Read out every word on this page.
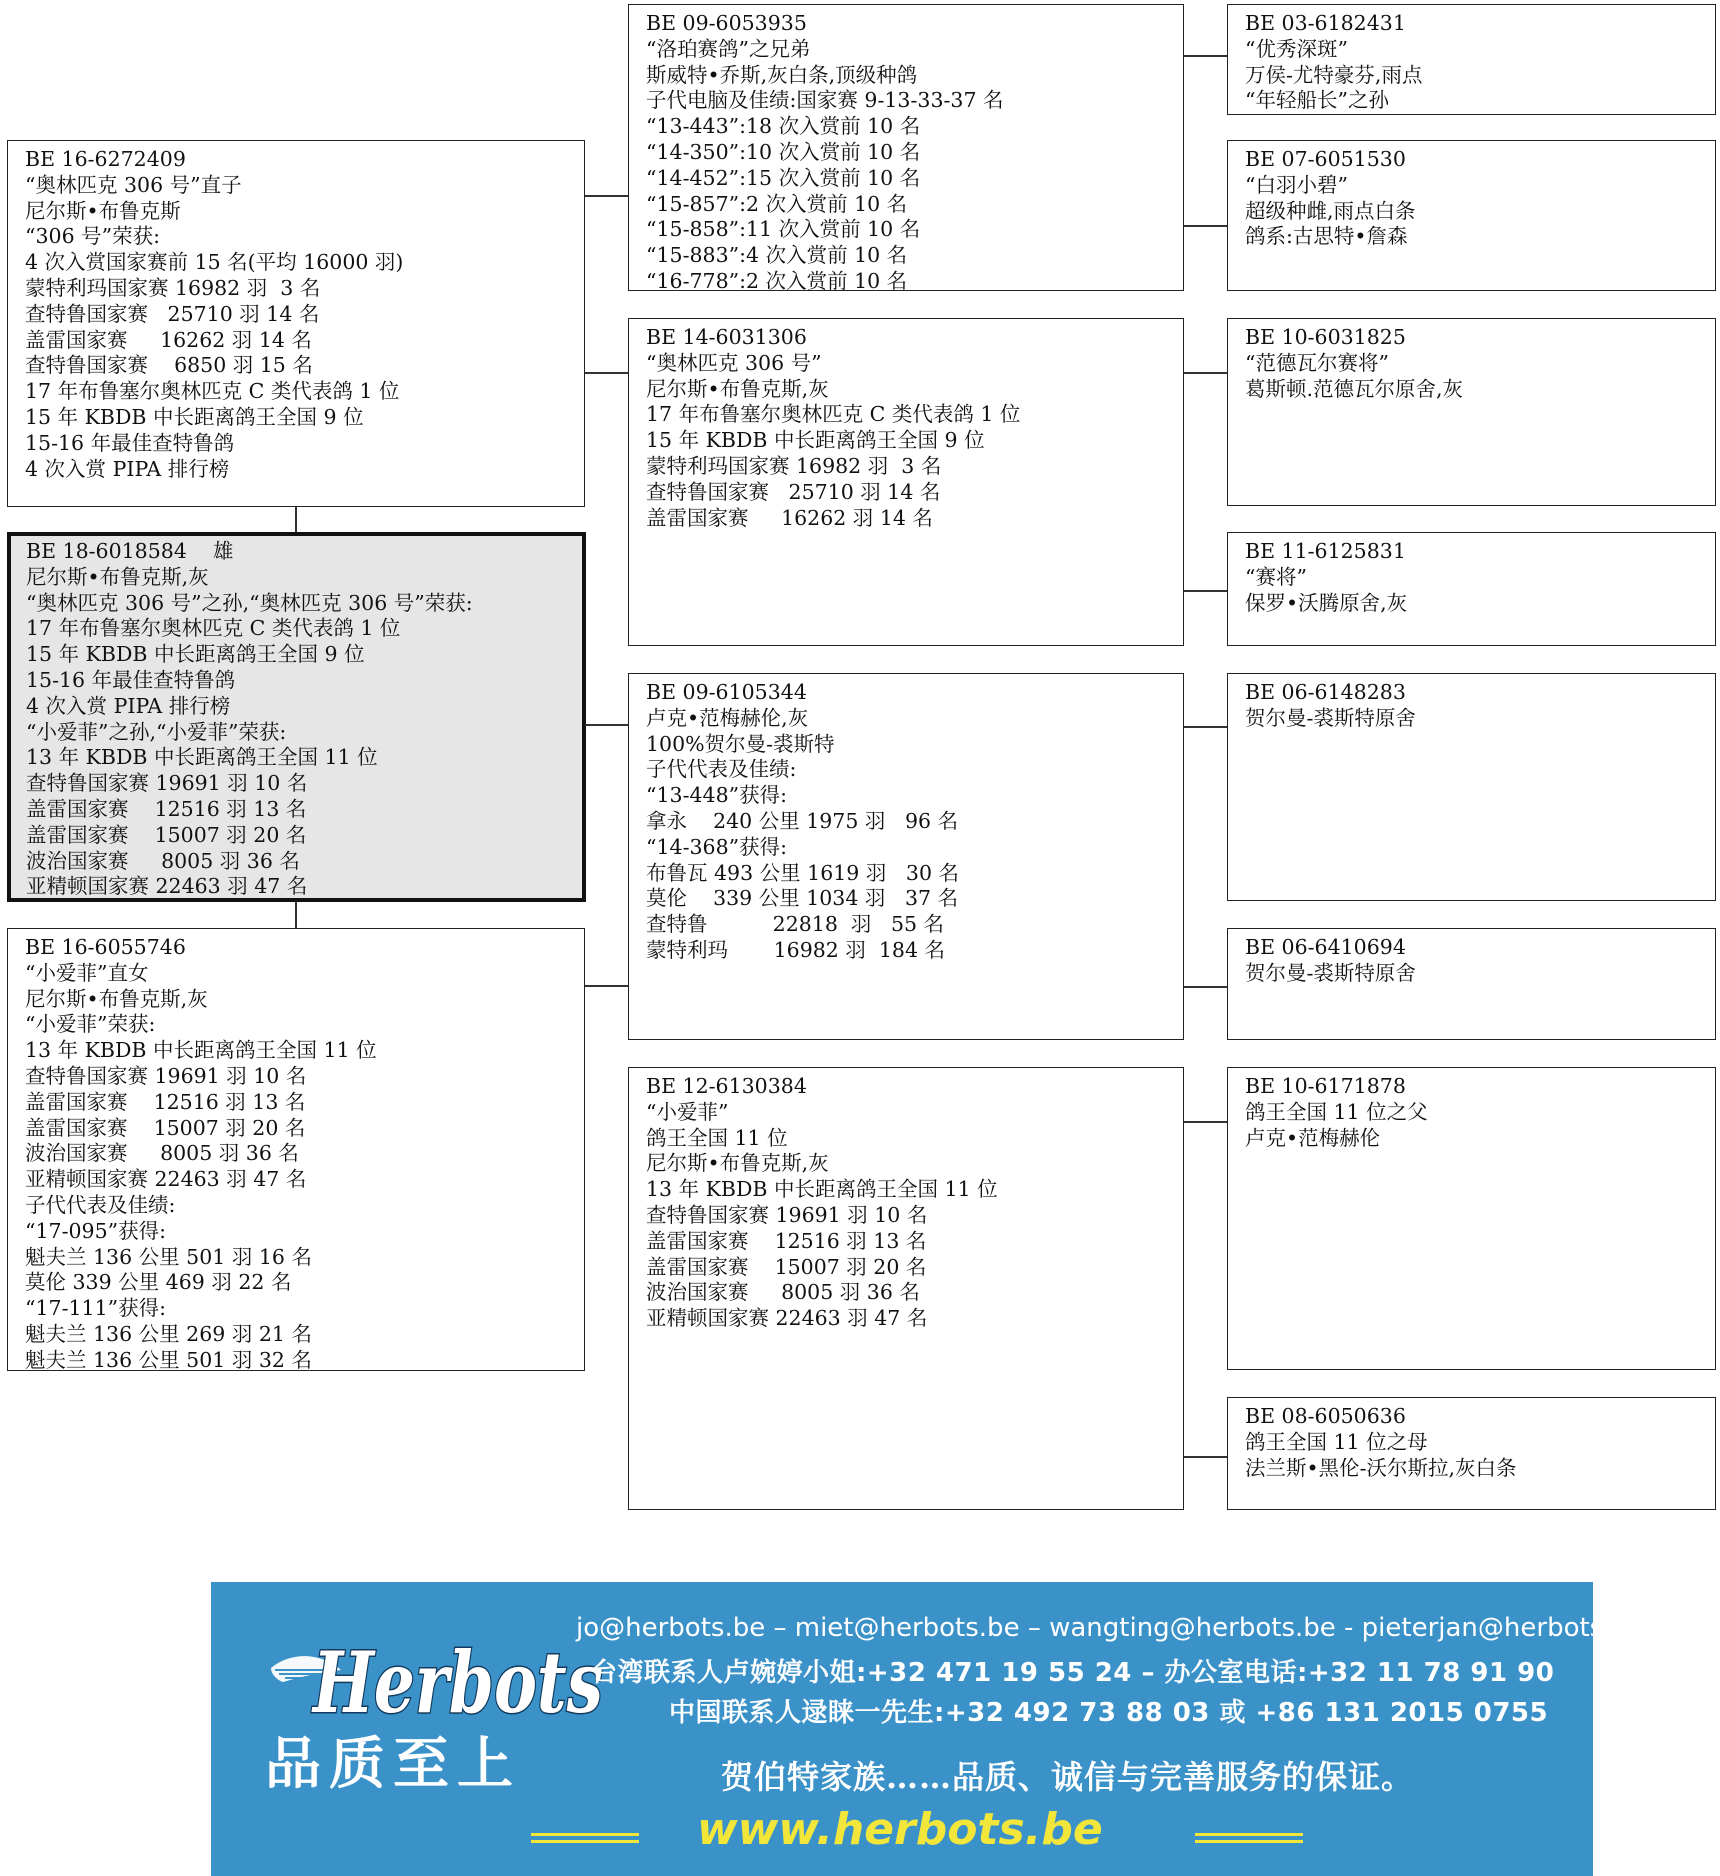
BE 16-6272409
“奥林匹克 306 号”直子
尼尔斯•布鲁克斯
“306 号”荣获:
4 次入赏国家赛前 15 名(平均 16000 羽)
蒙特利玛国家赛 16982 羽  3 名
查特鲁国家赛   25710 羽 14 名
盖雷国家赛     16262 羽 14 名
查特鲁国家赛    6850 羽 15 名
17 年布鲁塞尔奥林匹克 C 类代表鸽 1 位
15 年 KBDB 中长距离鸽王全国 9 位
15-16 年最佳查特鲁鸽
4 次入赏 PIPA 排行榜
BE 18-6018584    雄
尼尔斯•布鲁克斯,灰
“奥林匹克 306 号”之孙,“奥林匹克 306 号”荣获:
17 年布鲁塞尔奥林匹克 C 类代表鸽 1 位
15 年 KBDB 中长距离鸽王全国 9 位
15-16 年最佳查特鲁鸽
4 次入赏 PIPA 排行榜
“小爱菲”之孙,“小爱菲”荣获:
13 年 KBDB 中长距离鸽王全国 11 位
查特鲁国家赛 19691 羽 10 名
盖雷国家赛    12516 羽 13 名
盖雷国家赛    15007 羽 20 名
波治国家赛     8005 羽 36 名
亚精顿国家赛 22463 羽 47 名
BE 16-6055746
“小爱菲”直女
尼尔斯•布鲁克斯,灰
“小爱菲”荣获:
13 年 KBDB 中长距离鸽王全国 11 位
查特鲁国家赛 19691 羽 10 名
盖雷国家赛    12516 羽 13 名
盖雷国家赛    15007 羽 20 名
波治国家赛     8005 羽 36 名
亚精顿国家赛 22463 羽 47 名
子代代表及佳绩:
“17-095”获得:
魁夫兰 136 公里 501 羽 16 名
莫伦 339 公里 469 羽 22 名
“17-111”获得:
魁夫兰 136 公里 269 羽 21 名
魁夫兰 136 公里 501 羽 32 名
BE 09-6053935
“洛珀赛鸽”之兄弟
斯威特•乔斯,灰白条,顶级种鸽
子代电脑及佳绩:国家赛 9-13-33-37 名
“13-443”:18 次入赏前 10 名
“14-350”:10 次入赏前 10 名
“14-452”:15 次入赏前 10 名
“15-857”:2 次入赏前 10 名
“15-858”:11 次入赏前 10 名
“15-883”:4 次入赏前 10 名
“16-778”:2 次入赏前 10 名
BE 14-6031306
“奥林匹克 306 号”
尼尔斯•布鲁克斯,灰
17 年布鲁塞尔奥林匹克 C 类代表鸽 1 位
15 年 KBDB 中长距离鸽王全国 9 位
蒙特利玛国家赛 16982 羽  3 名
查特鲁国家赛   25710 羽 14 名
盖雷国家赛     16262 羽 14 名
BE 09-6105344
卢克•范梅赫伦,灰
100%贺尔曼-裘斯特
子代代表及佳绩:
“13-448”获得:
拿永    240 公里 1975 羽   96 名
“14-368”获得:
布鲁瓦 493 公里 1619 羽   30 名
莫伦    339 公里 1034 羽   37 名
查特鲁          22818  羽   55 名
蒙特利玛       16982 羽  184 名
BE 12-6130384
“小爱菲”
鸽王全国 11 位
尼尔斯•布鲁克斯,灰
13 年 KBDB 中长距离鸽王全国 11 位
查特鲁国家赛 19691 羽 10 名
盖雷国家赛    12516 羽 13 名
盖雷国家赛    15007 羽 20 名
波治国家赛     8005 羽 36 名
亚精顿国家赛 22463 羽 47 名
BE 03-6182431
“优秀深斑”
万侯-尤特豪芬,雨点
“年轻船长”之孙
BE 07-6051530
“白羽小碧”
超级种雌,雨点白条
鸽系:古思特•詹森
BE 10-6031825
“范德瓦尔赛将”
葛斯顿.范德瓦尔原舍,灰
BE 11-6125831
“赛将”
保罗•沃腾原舍,灰
BE 06-6148283
贺尔曼-裘斯特原舍
BE 06-6410694
贺尔曼-裘斯特原舍
BE 10-6171878
鸽王全国 11 位之父
卢克•范梅赫伦
BE 08-6050636
鸽王全国 11 位之母
法兰斯•黑伦-沃尔斯拉,灰白条
Herbots
品质至上
jo@herbots.be – miet@herbots.be – wangting@herbots.be - pieterjan@herbots.be
台湾联系人卢婉婷小姐:+32 471 19 55 24 – 办公室电话:+32 11 78 91 90
中国联系人逯睐一先生:+32 492 73 88 03 或 +86 131 2015 0755
贺伯特家族……品质、诚信与完善服务的保证。
www.herbots.be
